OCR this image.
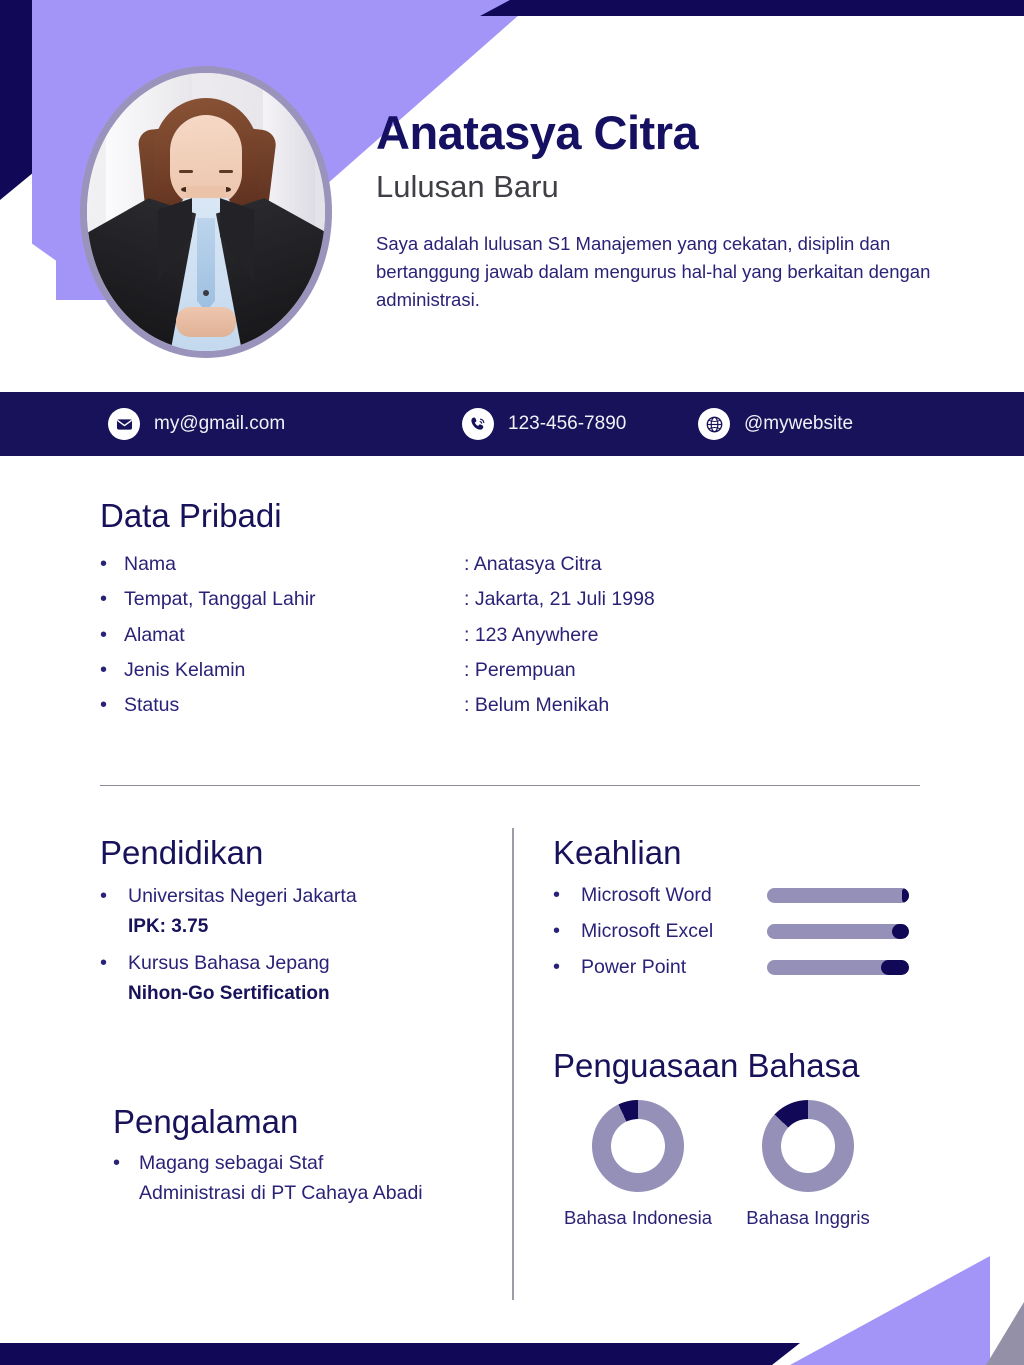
Anatasya Citra
Lulusan Baru
Saya adalah lulusan S1 Manajemen yang cekatan, disiplin dan bertanggung jawab dalam mengurus hal-hal yang berkaitan dengan administrasi.
my@gmail.com	123-456-7890	@mywebsite
Data Pribadi
•
Nama	: Anatasya Citra
•
Tempat, Tanggal Lahir	: Jakarta, 21 Juli 1998
•
Alamat	: 123 Anywhere
•
Jenis Kelamin	: Perempuan
•
Status	: Belum Menikah
Pendidikan
•
Universitas Negeri Jakarta
IPK: 3.75
•
Kursus Bahasa Jepang
Nihon-Go Sertification
Pengalaman
•
Magang sebagai Staf Administrasi di PT Cahaya Abadi
Keahlian
•
Microsoft Word
•
Microsoft Excel
•
Power Point
Penguasaan Bahasa
Bahasa Indonesia	Bahasa Inggris
